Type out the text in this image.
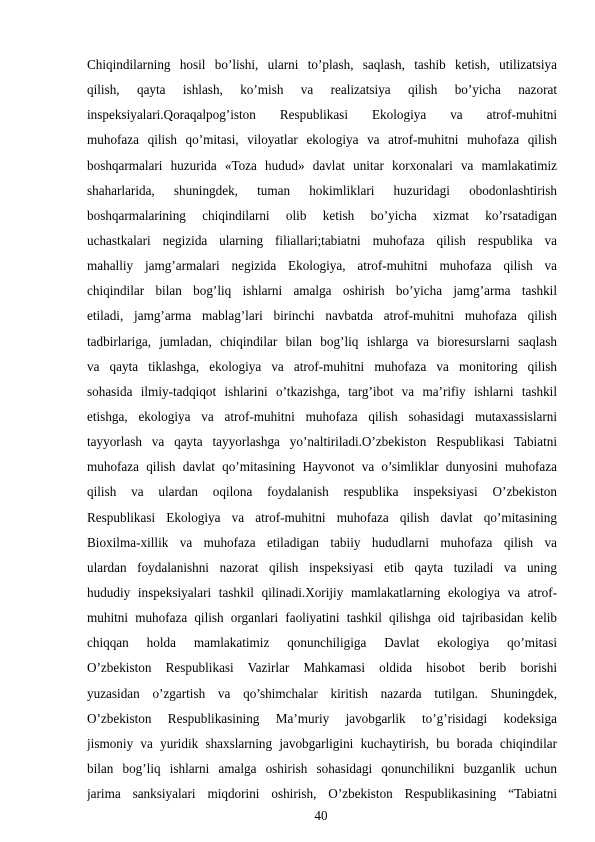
Chiqindilarning hosil bo’lishi, ularni to’plash, saqlash, tashib ketish, utilizatsiya
qilish, qayta ishlash, ko’mish va realizatsiya qilish bo’yicha nazorat
inspeksiyalari.Qoraqalpog’iston Respublikasi Ekologiya va atrof-muhitni
muhofaza qilish qo’mitasi, viloyatlar ekologiya va atrof-muhitni muhofaza qilish
boshqarmalari huzurida «Toza hudud» davlat unitar korxonalari va mamlakatimiz
shaharlarida, shuningdek, tuman hokimliklari huzuridagi obodonlashtirish
boshqarmalarining chiqindilarni olib ketish bo’yicha xizmat ko’rsatadigan
uchastkalari negizida ularning filiallari;tabiatni muhofaza qilish respublika va
mahalliy jamg’armalari negizida Ekologiya, atrof-muhitni muhofaza qilish va
chiqindilar bilan bog’liq ishlarni amalga oshirish bo’yicha jamg’arma tashkil
etiladi, jamg’arma mablag’lari birinchi navbatda atrof-muhitni muhofaza qilish
tadbirlariga, jumladan, chiqindilar bilan bog’liq ishlarga va bioresurslarni saqlash
va qayta tiklashga, ekologiya va atrof-muhitni muhofaza va monitoring qilish
sohasida ilmiy-tadqiqot ishlarini o’tkazishga, targ’ibot va ma’rifiy ishlarni tashkil
etishga, ekologiya va atrof-muhitni muhofaza qilish sohasidagi mutaxassislarni
tayyorlash va qayta tayyorlashga yo’naltiriladi.O’zbekiston Respublikasi Tabiatni
muhofaza qilish davlat qo’mitasining Hayvonot va o’simliklar dunyosini muhofaza
qilish va ulardan oqilona foydalanish respublika inspeksiyasi O’zbekiston
Respublikasi Ekologiya va atrof-muhitni muhofaza qilish davlat qo’mitasining
Bioxilma-xillik va muhofaza etiladigan tabiiy hududlarni muhofaza qilish va
ulardan foydalanishni nazorat qilish inspeksiyasi etib qayta tuziladi va uning
hududiy inspeksiyalari tashkil qilinadi.Xorijiy mamlakatlarning ekologiya va atrof-
muhitni muhofaza qilish organlari faoliyatini tashkil qilishga oid tajribasidan kelib
chiqqan holda mamlakatimiz qonunchiligiga Davlat ekologiya qo’mitasi
O’zbekiston Respublikasi Vazirlar Mahkamasi oldida hisobot berib borishi
yuzasidan o’zgartish va qo’shimchalar kiritish nazarda tutilgan. Shuningdek,
O’zbekiston Respublikasining Ma’muriy javobgarlik to’g’risidagi kodeksiga
jismoniy va yuridik shaxslarning javobgarligini kuchaytirish, bu borada chiqindilar
bilan bog’liq ishlarni amalga oshirish sohasidagi qonunchilikni buzganlik uchun
jarima sanksiyalari miqdorini oshirish, O’zbekiston Respublikasining “Tabiatni
40
